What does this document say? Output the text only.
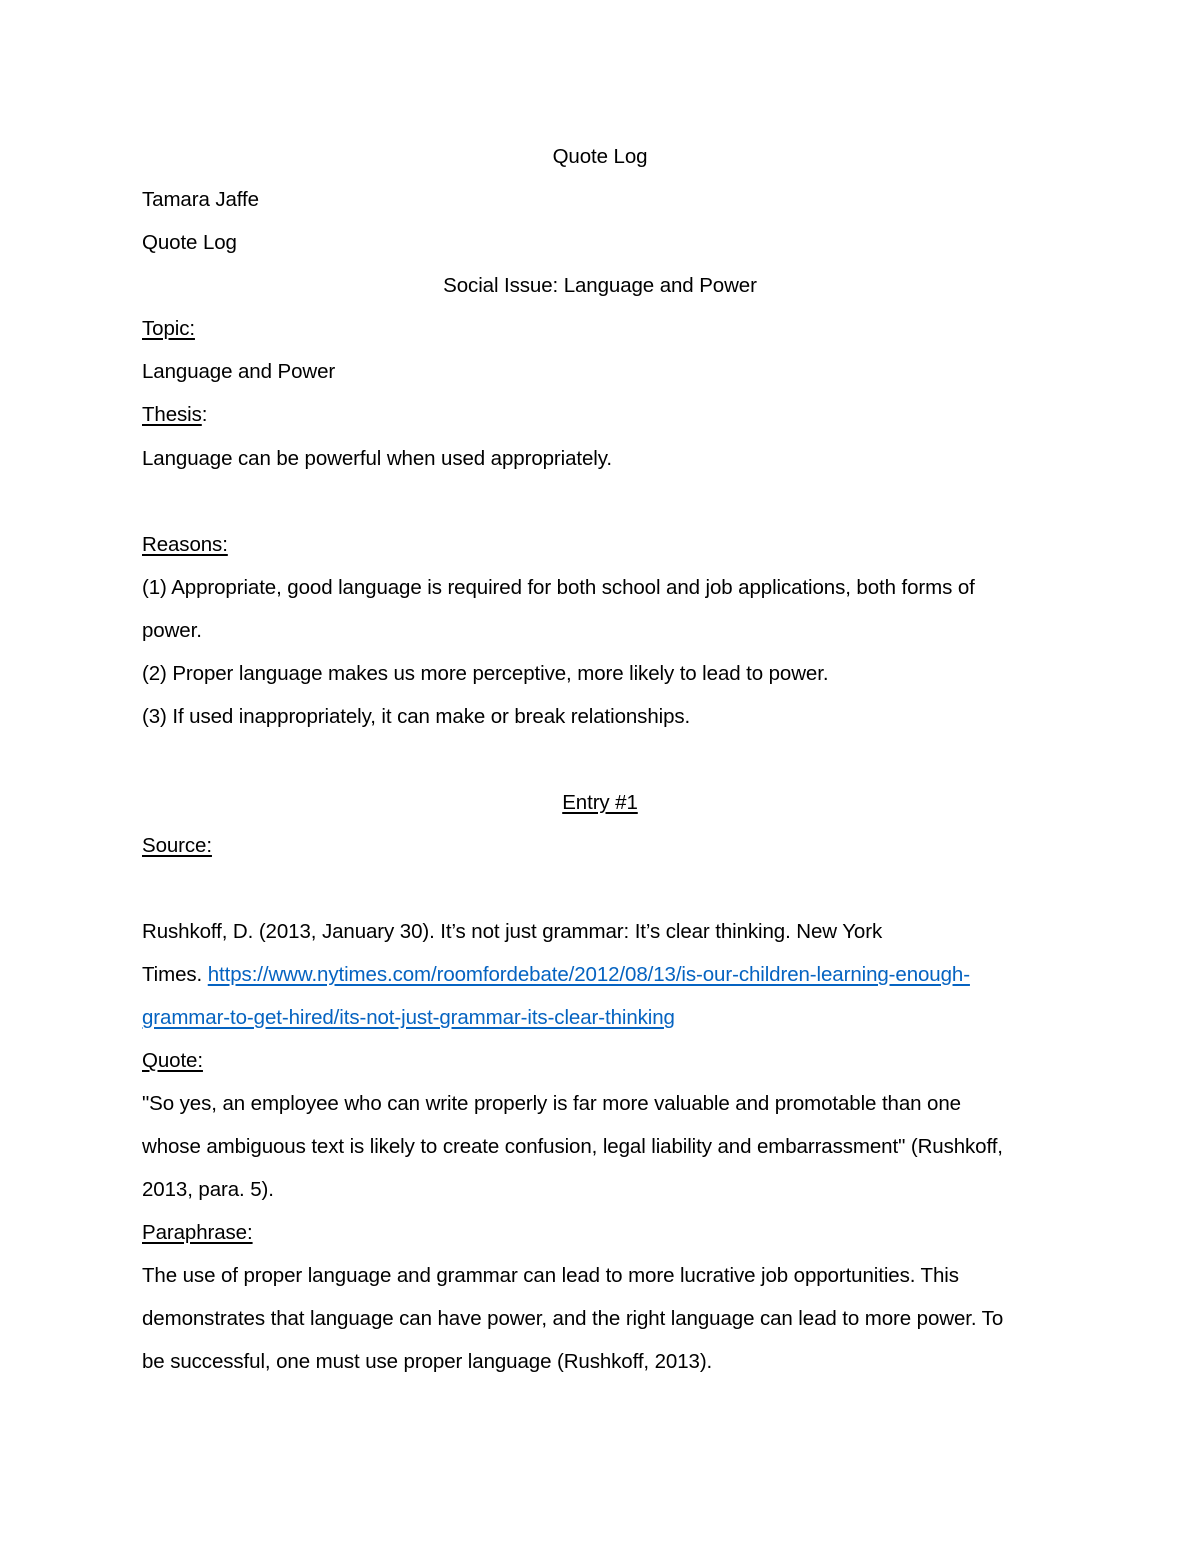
Quote Log
Tamara Jaffe
Quote Log
Social Issue: Language and Power
Topic:
Language and Power
Thesis:
Language can be powerful when used appropriately.
Reasons:
(1) Appropriate, good language is required for both school and job applications, both forms of
power.
(2) Proper language makes us more perceptive, more likely to lead to power.
(3) If used inappropriately, it can make or break relationships.
Entry #1
Source:
Rushkoff, D. (2013, January 30). It’s not just grammar: It’s clear thinking. New York
Times. https://www.nytimes.com/roomfordebate/2012/08/13/is-our-children-learning-enough-
grammar-to-get-hired/its-not-just-grammar-its-clear-thinking
Quote:
"So yes, an employee who can write properly is far more valuable and promotable than one
whose ambiguous text is likely to create confusion, legal liability and embarrassment" (Rushkoff,
2013, para. 5).
Paraphrase:
The use of proper language and grammar can lead to more lucrative job opportunities. This
demonstrates that language can have power, and the right language can lead to more power. To
be successful, one must use proper language (Rushkoff, 2013).
